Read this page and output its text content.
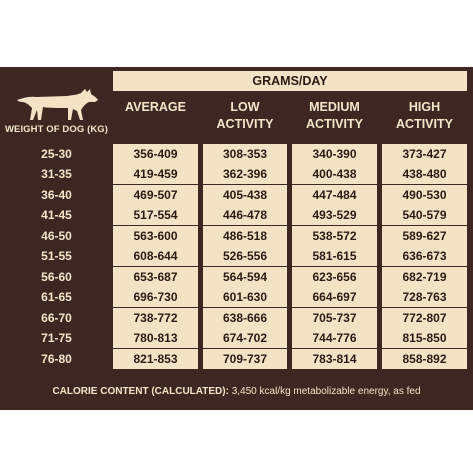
WEIGHT OF DOG (KG)
GRAMS/DAY
AVERAGE	LOW
ACTIVITY
MEDIUM
ACTIVITY
HIGH
ACTIVITY
25-30	356-409	308-353	340-390	373-427
31-35	419-459	362-396	400-438	438-480
36-40	469-507	405-438	447-484	490-530
41-45	517-554	446-478	493-529	540-579
46-50	563-600	486-518	538-572	589-627
51-55	608-644	526-556	581-615	636-673
56-60	653-687	564-594	623-656	682-719
61-65	696-730	601-630	664-697	728-763
66-70	738-772	638-666	705-737	772-807
71-75	780-813	674-702	744-776	815-850
76-80	821-853	709-737	783-814	858-892
CALORIE CONTENT (CALCULATED): 3,450 kcal/kg metabolizable energy, as fed
